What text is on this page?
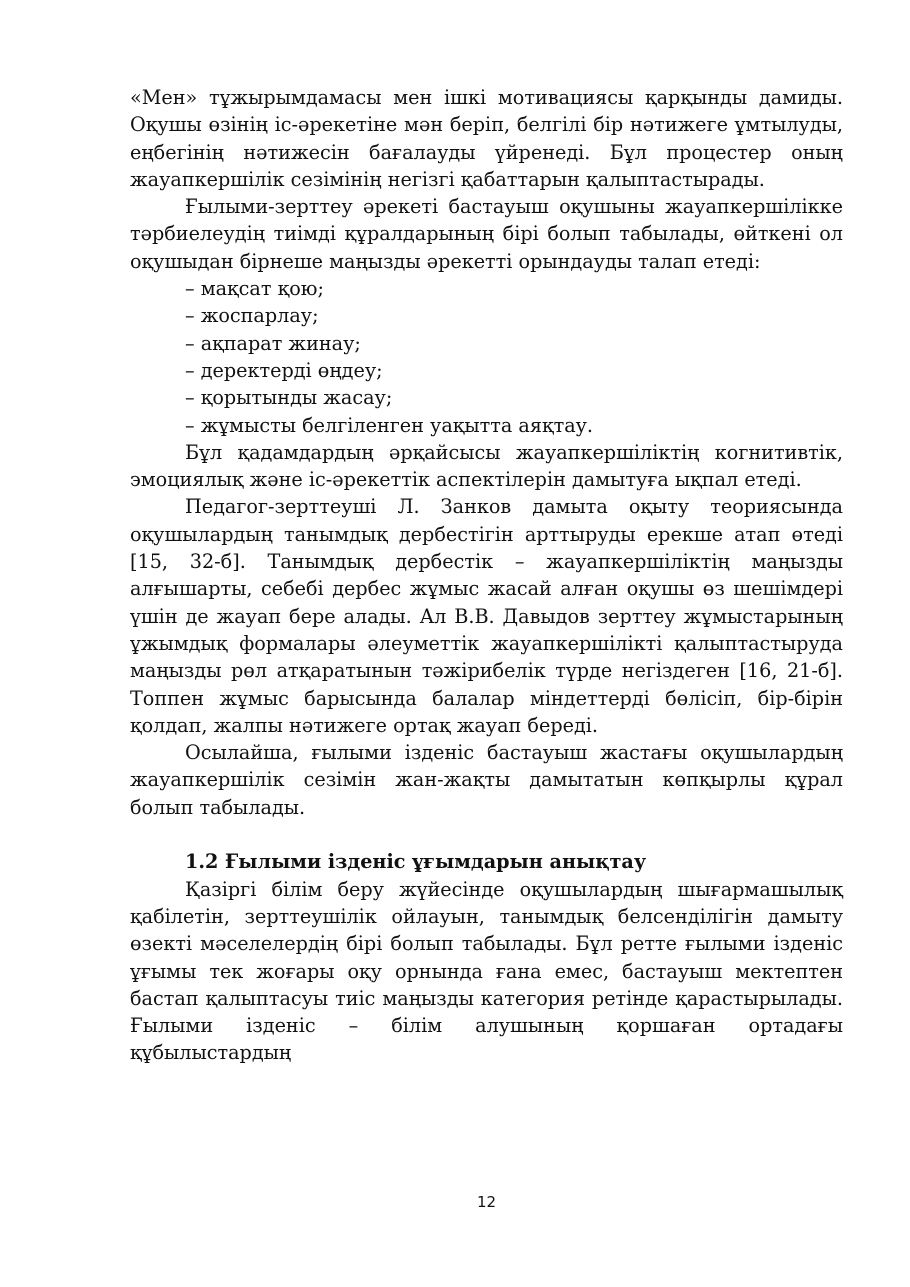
«Мен» тұжырымдамасы мен ішкі мотивациясы қарқынды дамиды. Оқушы өзінің іс-әрекетіне мән беріп, белгілі бір нәтижеге ұмтылуды, еңбегінің нәтижесін бағалауды үйренеді. Бұл процестер оның жауапкершілік сезімінің негізгі қабаттарын қалыптастырады.

Ғылыми-зерттеу әрекеті бастауыш оқушыны жауапкершілікке тәрбиелеудің тиімді құралдарының бірі болып табылады, өйткені ол оқушыдан бірнеше маңызды әрекетті орындауды талап етеді:

– мақсат қою;
– жоспарлау;
– ақпарат жинау;
– деректерді өңдеу;
– қорытынды жасау;
– жұмысты белгіленген уақытта аяқтау.

Бұл қадамдардың әрқайсысы жауапкершіліктің когнитивтік, эмоциялық және іс-әрекеттік аспектілерін дамытуға ықпал етеді.

Педагог-зерттеуші Л. Занков дамыта оқыту теориясында оқушылардың танымдық дербестігін арттыруды ерекше атап өтеді [15, 32-б]. Танымдық дербестік – жауапкершіліктің маңызды алғышарты, себебі дербес жұмыс жасай алған оқушы өз шешімдері үшін де жауап бере алады. Ал В.В. Давыдов зерттеу жұмыстарының ұжымдық формалары әлеуметтік жауапкершілікті қалыптастыруда маңызды рөл атқаратынын тәжірибелік түрде негіздеген [16, 21-б]. Топпен жұмыс барысында балалар міндеттерді бөлісіп, бір-бірін қолдап, жалпы нәтижеге ортақ жауап береді.

Осылайша, ғылыми ізденіс бастауыш жастағы оқушылардың жауапкершілік сезімін жан-жақты дамытатын көпқырлы құрал болып табылады.

1.2 Ғылыми ізденіс ұғымдарын анықтау

Қазіргі білім беру жүйесінде оқушылардың шығармашылық қабілетін, зерттеушілік ойлауын, танымдық белсенділігін дамыту өзекті мәселелердің бірі болып табылады. Бұл ретте ғылыми ізденіс ұғымы тек жоғары оқу орнында ғана емес, бастауыш мектептен бастап қалыптасуы тиіс маңызды категория ретінде қарастырылады. Ғылыми ізденіс – білім алушының қоршаған ортадағы құбылыстардың

12
